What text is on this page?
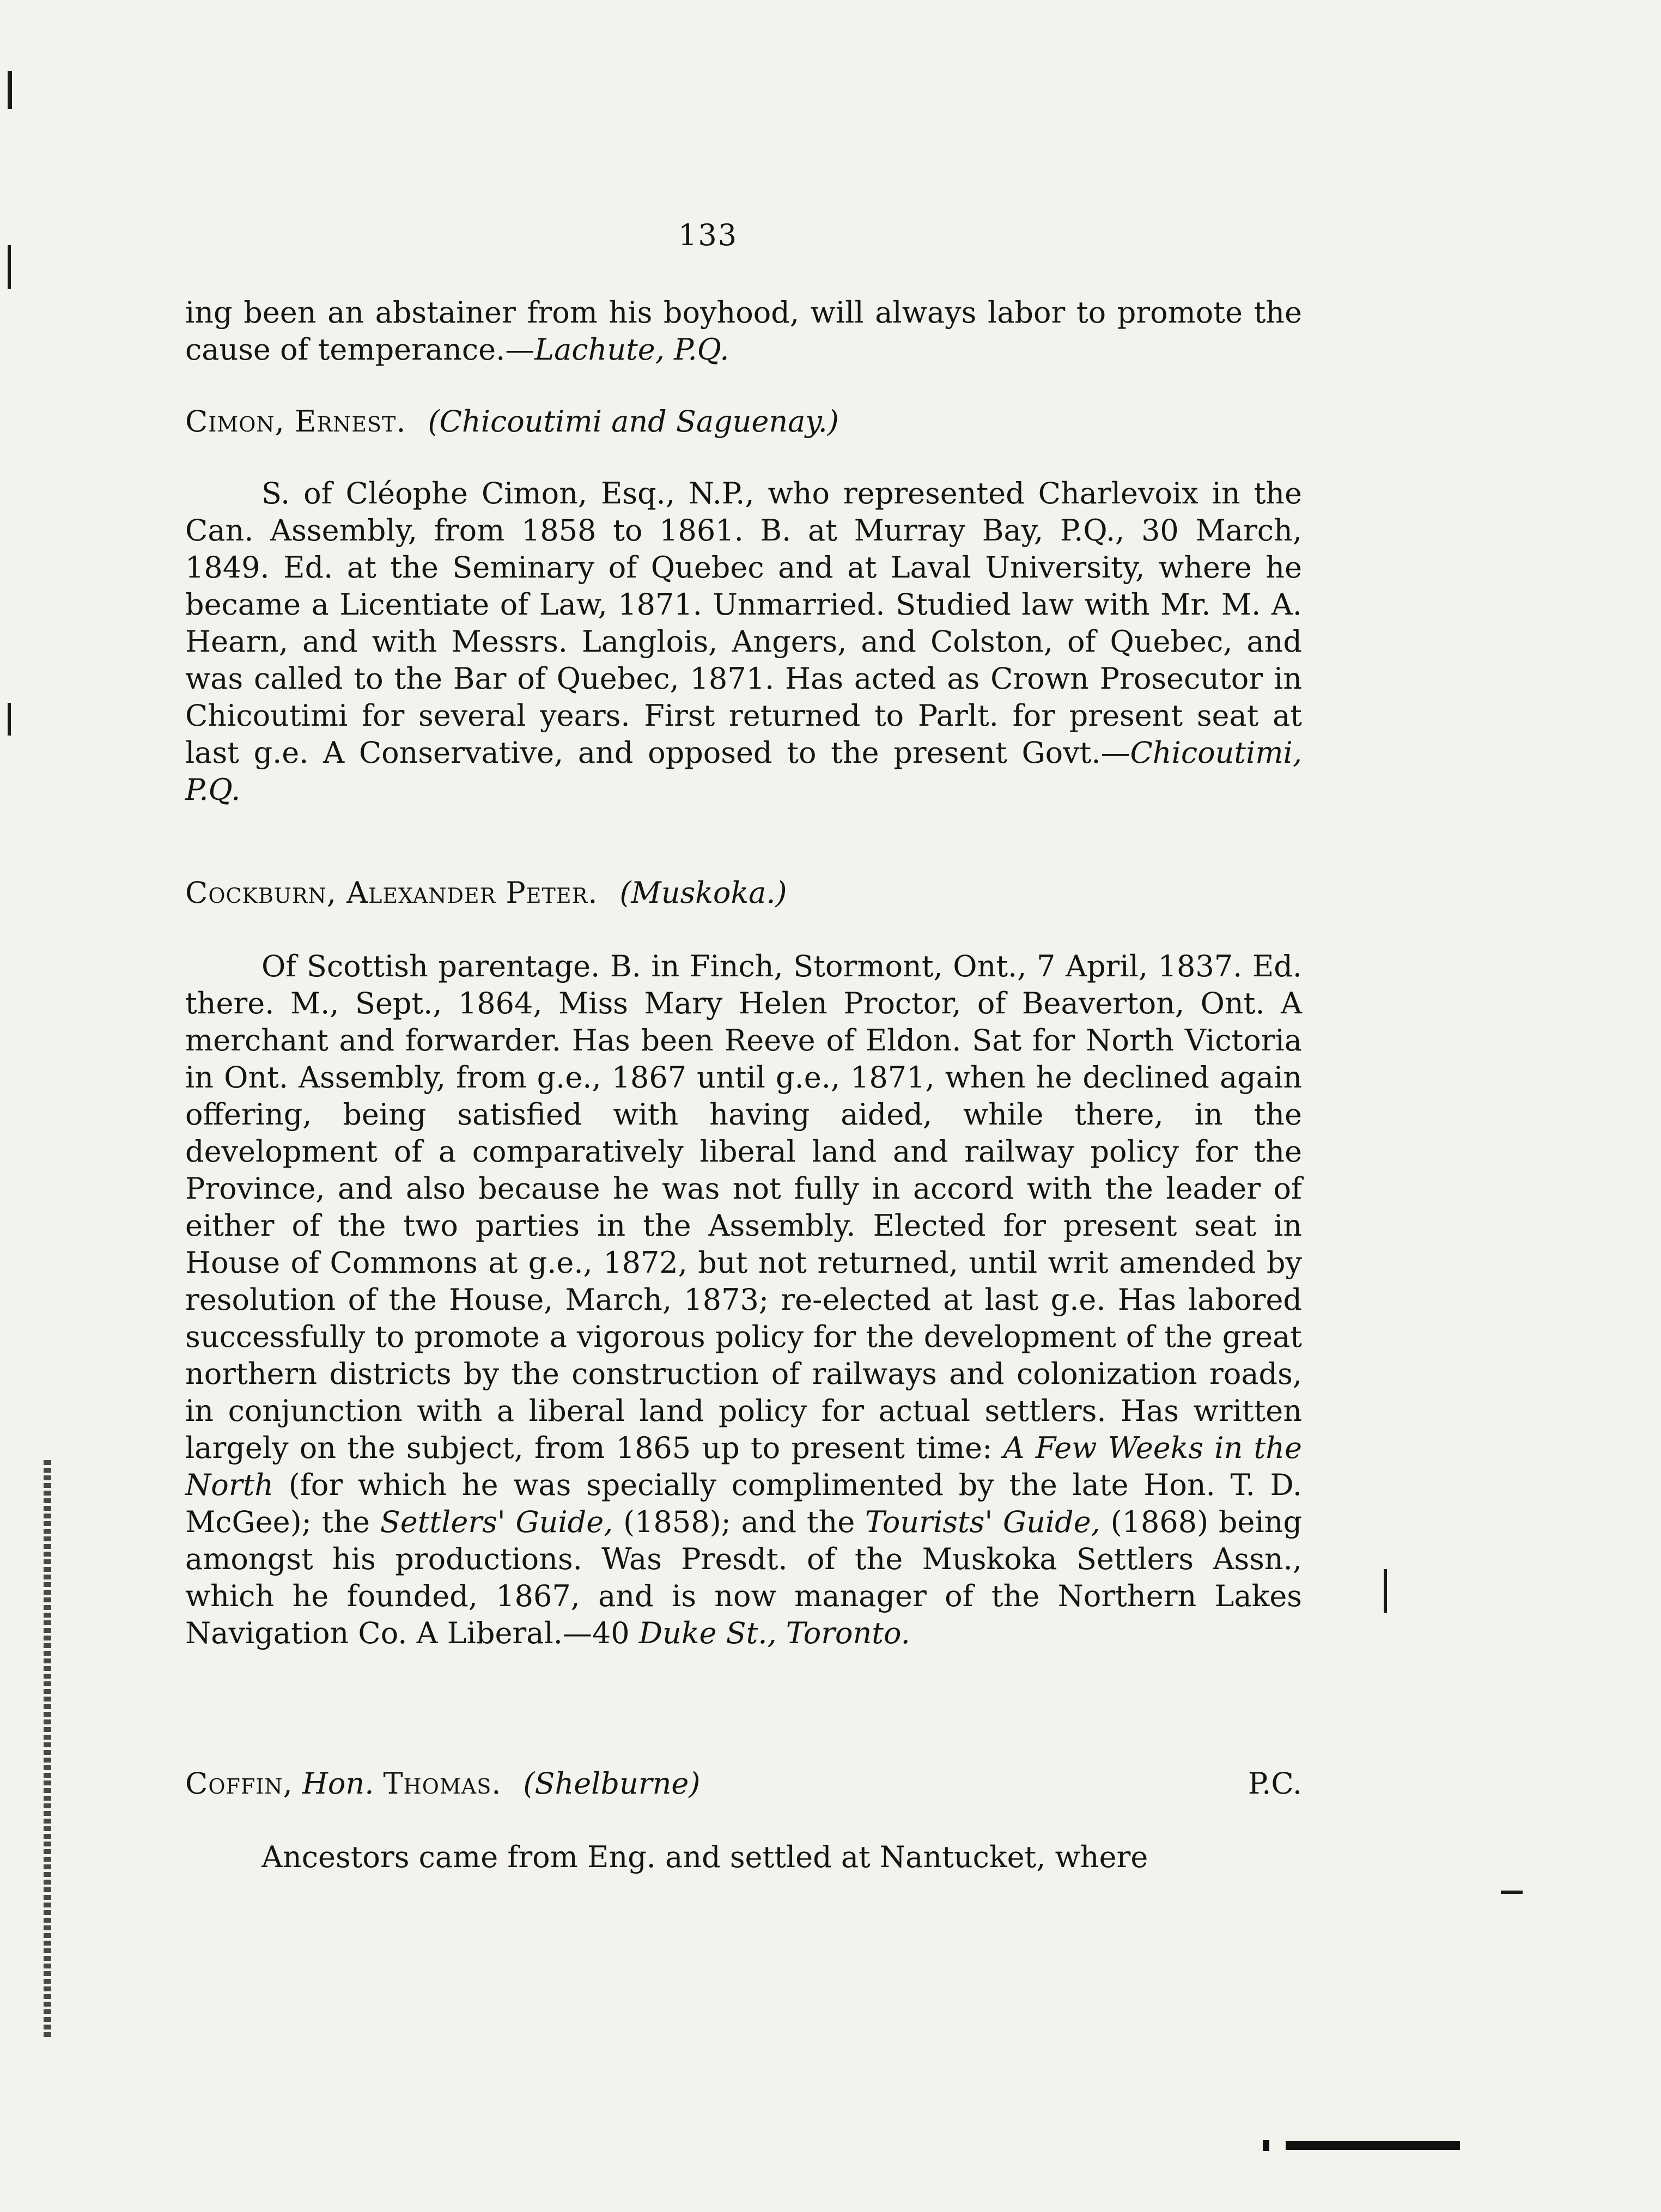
133

ing been an abstainer from his boyhood, will always labor to promote the cause of temperance.—Lachute, P.Q.

Cimon, Ernest. (Chicoutimi and Saguenay.)

S. of Cléophe Cimon, Esq., N.P., who represented Charlevoix in the Can. Assembly, from 1858 to 1861. B. at Murray Bay, P.Q., 30 March, 1849. Ed. at the Seminary of Quebec and at Laval University, where he became a Licentiate of Law, 1871. Unmarried. Studied law with Mr. M. A. Hearn, and with Messrs. Langlois, Angers, and Colston, of Quebec, and was called to the Bar of Quebec, 1871. Has acted as Crown Prosecutor in Chicoutimi for several years. First returned to Parlt. for present seat at last g.e. A Conservative, and opposed to the present Govt.—Chicoutimi, P.Q.

Cockburn, Alexander Peter. (Muskoka.)

Of Scottish parentage. B. in Finch, Stormont, Ont., 7 April, 1837. Ed. there. M., Sept., 1864, Miss Mary Helen Proctor, of Beaverton, Ont. A merchant and forwarder. Has been Reeve of Eldon. Sat for North Victoria in Ont. Assembly, from g.e., 1867 until g.e., 1871, when he declined again offering, being satisfied with having aided, while there, in the development of a comparatively liberal land and railway policy for the Province, and also because he was not fully in accord with the leader of either of the two parties in the Assembly. Elected for present seat in House of Commons at g.e., 1872, but not returned, until writ amended by resolution of the House, March, 1873; re-elected at last g.e. Has labored successfully to promote a vigorous policy for the development of the great northern districts by the construction of railways and colonization roads, in conjunction with a liberal land policy for actual settlers. Has written largely on the subject, from 1865 up to present time: A Few Weeks in the North (for which he was specially complimented by the late Hon. T. D. McGee); the Settlers' Guide, (1858); and the Tourists' Guide, (1868) being amongst his productions. Was Presdt. of the Muskoka Settlers Assn., which he founded, 1867, and is now manager of the Northern Lakes Navigation Co. A Liberal.—40 Duke St., Toronto.

Coffin, Hon. Thomas. (Shelburne)	P.C.

Ancestors came from Eng. and settled at Nantucket, where
